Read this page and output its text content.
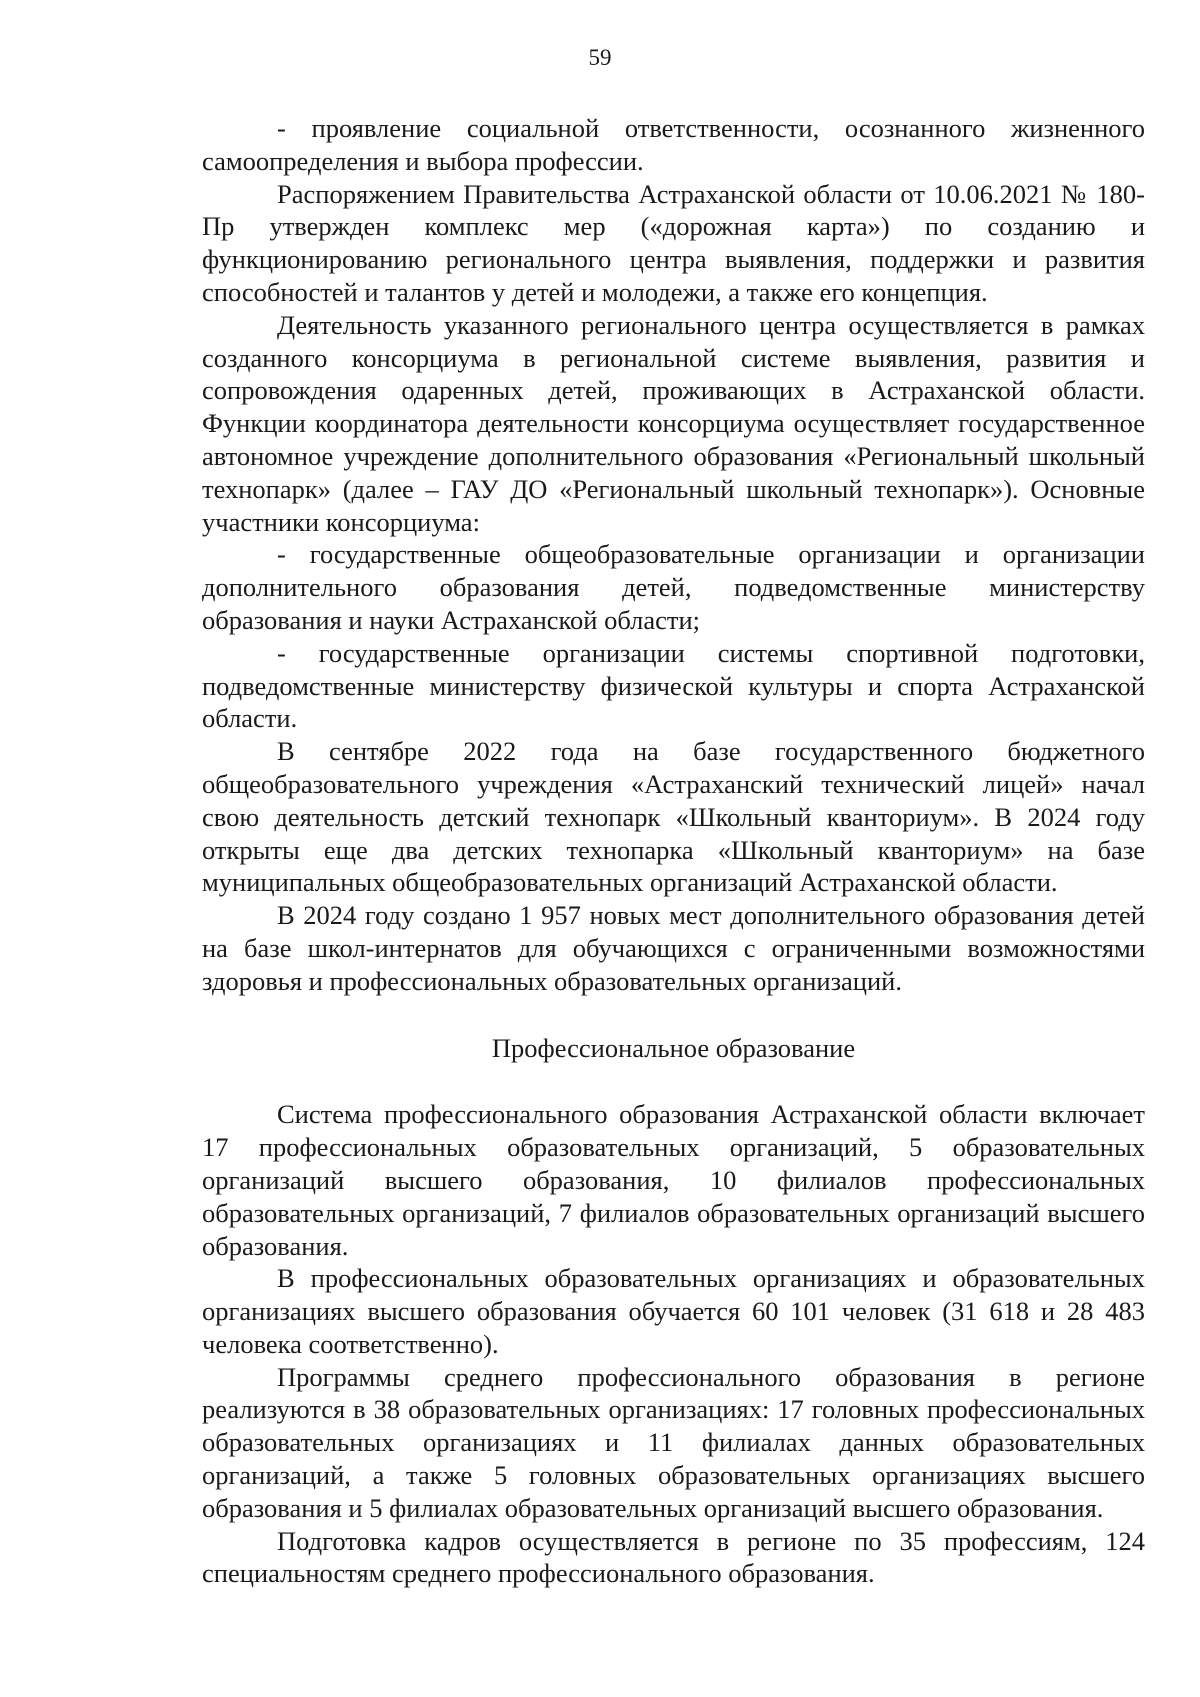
59

- проявление социальной ответственности, осознанного жизненного самоопределения и выбора профессии.

Распоряжением Правительства Астраханской области от 10.06.2021 № 180-Пр утвержден комплекс мер («дорожная карта») по созданию и функционированию регионального центра выявления, поддержки и развития способностей и талантов у детей и молодежи, а также его концепция.

Деятельность указанного регионального центра осуществляется в рамках созданного консорциума в региональной системе выявления, развития и сопровождения одаренных детей, проживающих в Астраханской области. Функции координатора деятельности консорциума осуществляет государственное автономное учреждение дополнительного образования «Региональный школьный технопарк» (далее – ГАУ ДО «Региональный школьный технопарк»). Основные участники консорциума:

- государственные общеобразовательные организации и организации дополнительного образования детей, подведомственные министерству образования и науки Астраханской области;

- государственные организации системы спортивной подготовки, подведомственные министерству физической культуры и спорта Астраханской области.

В сентябре 2022 года на базе государственного бюджетного общеобразовательного учреждения «Астраханский технический лицей» начал свою деятельность детский технопарк «Школьный кванториум». В 2024 году открыты еще два детских технопарка «Школьный кванториум» на базе муниципальных общеобразовательных организаций Астраханской области.

В 2024 году создано 1 957 новых мест дополнительного образования детей на базе школ-интернатов для обучающихся с ограниченными возможностями здоровья и профессиональных образовательных организаций.

Профессиональное образование

Система профессионального образования Астраханской области включает 17 профессиональных образовательных организаций, 5 образовательных организаций высшего образования, 10 филиалов профессиональных образовательных организаций, 7 филиалов образовательных организаций высшего образования.

В профессиональных образовательных организациях и образовательных организациях высшего образования обучается 60 101 человек (31 618 и 28 483 человека соответственно).

Программы среднего профессионального образования в регионе реализуются в 38 образовательных организациях: 17 головных профессиональных образовательных организациях и 11 филиалах данных образовательных организаций, а также 5 головных образовательных организациях высшего образования и 5 филиалах образовательных организаций высшего образования.

Подготовка кадров осуществляется в регионе по 35 профессиям, 124 специальностям среднего профессионального образования.
